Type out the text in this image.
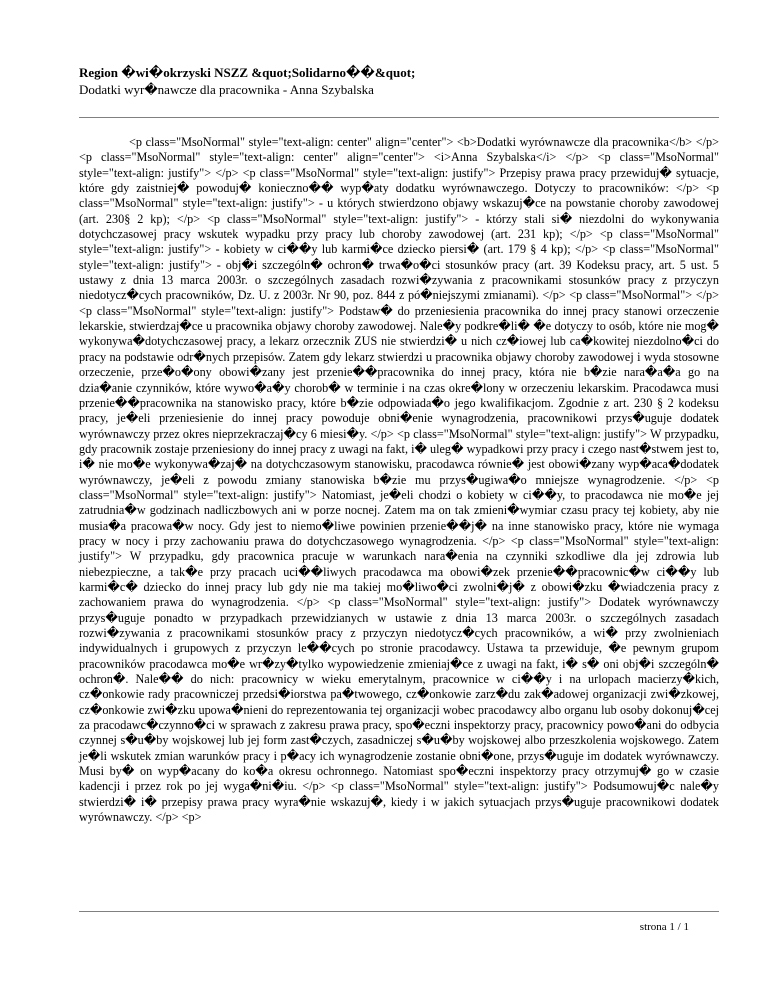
Region �wi�okrzyski NSZZ &quot;Solidarno��&quot;
Dodatki wyr�nawcze dla pracownika - Anna Szybalska

<p class="MsoNormal" style="text-align: center" align="center"> <b>Dodatki wyrównawcze dla pracownika</b> </p> <p class="MsoNormal" style="text-align: center" align="center"> <i>Anna Szybalska</i> </p> <p class="MsoNormal" style="text-align: justify"> </p> <p class="MsoNormal" style="text-align: justify"> Przepisy prawa pracy przewiduj� sytuacje, które gdy zaistniej� powoduj� konieczno�� wyp�aty dodatku wyrównawczego. Dotyczy to pracowników: </p> <p class="MsoNormal" style="text-align: justify"> - u których stwierdzono objawy wskazuj�ce na powstanie choroby zawodowej (art. 230§ 2 kp); </p> <p class="MsoNormal" style="text-align: justify"> - którzy stali si� niezdolni do wykonywania dotychczasowej pracy wskutek wypadku przy pracy lub choroby zawodowej (art. 231 kp); </p> <p class="MsoNormal" style="text-align: justify"> - kobiety w ci��y lub karmi�ce dziecko piersi� (art. 179 § 4 kp); </p> <p class="MsoNormal" style="text-align: justify"> - obj�i szczególn� ochron� trwa�o�ci stosunków pracy (art. 39 Kodeksu pracy, art. 5 ust. 5 ustawy z dnia 13 marca 2003r. o szczególnych zasadach rozwi�zywania z pracownikami stosunków pracy z przyczyn niedotycz�cych pracowników, Dz. U. z 2003r. Nr 90, poz. 844 z pó�niejszymi zmianami). </p> <p class="MsoNormal"> </p> <p class="MsoNormal" style="text-align: justify"> Podstaw� do przeniesienia pracownika do innej pracy stanowi orzeczenie lekarskie, stwierdzaj�ce u pracownika objawy choroby zawodowej. Nale�y podkre�li� �e dotyczy to osób, które nie mog� wykonywa�dotychczasowej pracy, a lekarz orzecznik ZUS nie stwierdzi� u nich cz�iowej lub ca�kowitej niezdolno�ci do pracy na podstawie odr�nych przepisów. Zatem gdy lekarz stwierdzi u pracownika objawy choroby zawodowej i wyda stosowne orzeczenie, prze�o�ony obowi�zany jest przenie��pracownika do innej pracy, która nie b�zie nara�a�a go na dzia�anie czynników, które wywo�a�y chorob� w terminie i na czas okre�lony w orzeczeniu lekarskim. Pracodawca musi przenie��pracownika na stanowisko pracy, które b�zie odpowiada�o jego kwalifikacjom. Zgodnie z art. 230 § 2 kodeksu pracy, je�eli przeniesienie do innej pracy powoduje obni�enie wynagrodzenia, pracownikowi przys�uguje dodatek wyrównawczy przez okres nieprzekraczaj�cy 6 miesi�y. </p> <p class="MsoNormal" style="text-align: justify"> W przypadku, gdy pracownik zostaje przeniesiony do innej pracy z uwagi na fakt, i� uleg� wypadkowi przy pracy i czego nast�stwem jest to, i� nie mo�e wykonywa�zaj� na dotychczasowym stanowisku, pracodawca równie� jest obowi�zany wyp�aca�dodatek wyrównawczy, je�eli z powodu zmiany stanowiska b�zie mu przys�ugiwa�o mniejsze wynagrodzenie. </p> <p class="MsoNormal" style="text-align: justify"> Natomiast, je�eli chodzi o kobiety w ci��y, to pracodawca nie mo�e jej zatrudnia�w godzinach nadliczbowych ani w porze nocnej. Zatem ma on tak zmieni�wymiar czasu pracy tej kobiety, aby nie musia�a pracowa�w nocy. Gdy jest to niemo�liwe powinien przenie��j� na inne stanowisko pracy, które nie wymaga pracy w nocy i przy zachowaniu prawa do dotychczasowego wynagrodzenia. </p> <p class="MsoNormal" style="text-align: justify"> W przypadku, gdy pracownica pracuje w warunkach nara�enia na czynniki szkodliwe dla jej zdrowia lub niebezpieczne, a tak�e przy pracach uci��liwych pracodawca ma obowi�zek przenie��pracownic�w ci��y lub karmi�c� dziecko do innej pracy lub gdy nie ma takiej mo�liwo�ci zwolni�j� z obowi�zku �wiadczenia pracy z zachowaniem prawa do wynagrodzenia. </p> <p class="MsoNormal" style="text-align: justify"> Dodatek wyrównawczy przys�uguje ponadto w przypadkach przewidzianych w ustawie z dnia 13 marca 2003r. o szczególnych zasadach rozwi�zywania z pracownikami stosunków pracy z przyczyn niedotycz�cych pracowników, a wi� przy zwolnieniach indywidualnych i grupowych z przyczyn le��cych po stronie pracodawcy. Ustawa ta przewiduje, �e pewnym grupom pracowników pracodawca mo�e wr�zy�tylko wypowiedzenie zmieniaj�ce z uwagi na fakt, i� s� oni obj�i szczególn� ochron�. Nale�� do nich: pracownicy w wieku emerytalnym, pracownice w ci��y i na urlopach macierzy�kich, cz�onkowie rady pracowniczej przedsi�iorstwa pa�twowego, cz�onkowie zarz�du zak�adowej organizacji zwi�zkowej, cz�onkowie zwi�zku upowa�nieni do reprezentowania tej organizacji wobec pracodawcy albo organu lub osoby dokonuj�cej za pracodawc�czynno�ci w sprawach z zakresu prawa pracy, spo�eczni inspektorzy pracy, pracownicy powo�ani do odbycia czynnej s�u�by wojskowej lub jej form zast�czych, zasadniczej s�u�by wojskowej albo przeszkolenia wojskowego. Zatem je�li wskutek zmian warunków pracy i p�acy ich wynagrodzenie zostanie obni�one, przys�uguje im dodatek wyrównawczy. Musi by� on wyp�acany do ko�a okresu ochronnego. Natomiast spo�eczni inspektorzy pracy otrzymuj� go w czasie kadencji i przez rok po jej wyga�ni�iu. </p> <p class="MsoNormal" style="text-align: justify"> Podsumowuj�c nale�y stwierdzi� i� przepisy prawa pracy wyra�nie wskazuj�, kiedy i w jakich sytuacjach przys�uguje pracownikowi dodatek wyrównawczy. </p> <p>

strona 1 / 1
